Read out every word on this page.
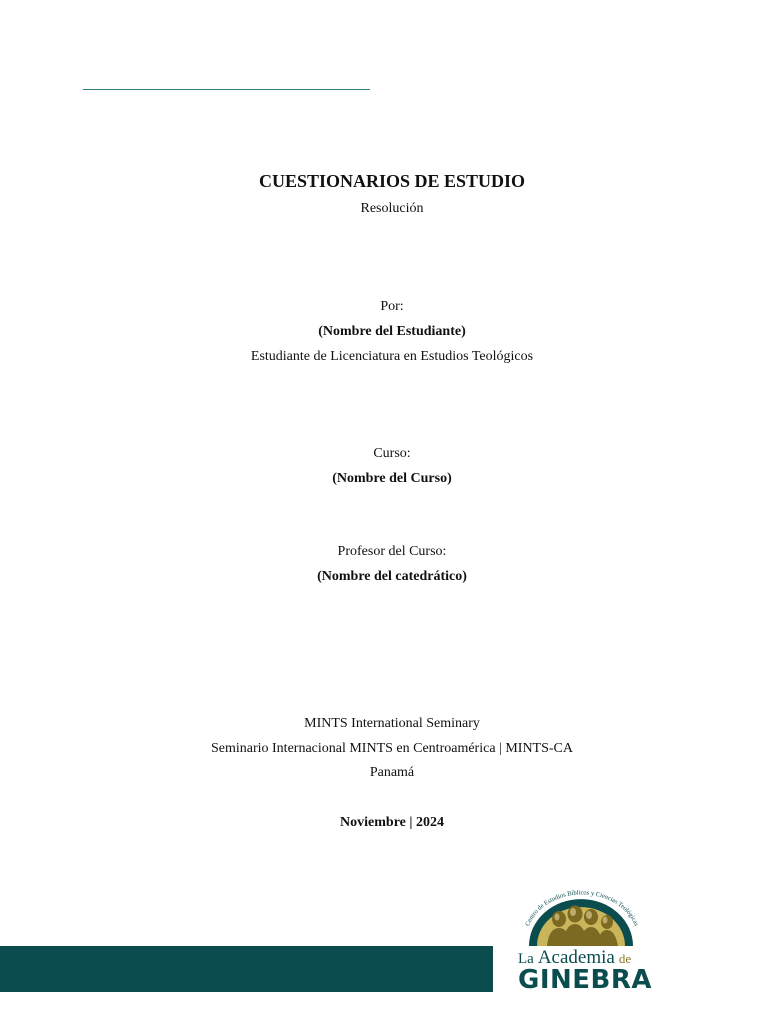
CUESTIONARIOS DE ESTUDIO
Resolución
Por:
(Nombre del Estudiante)
Estudiante de Licenciatura en Estudios Teológicos
Curso:
(Nombre del Curso)
Profesor del Curso:
(Nombre del catedrático)
MINTS International Seminary
Seminario Internacional MINTS en Centroamérica | MINTS-CA
Panamá
Noviembre | 2024
Centro de Estudios Bíblicos y Ciencias Teológicas
La Academia de
GINEBRA
